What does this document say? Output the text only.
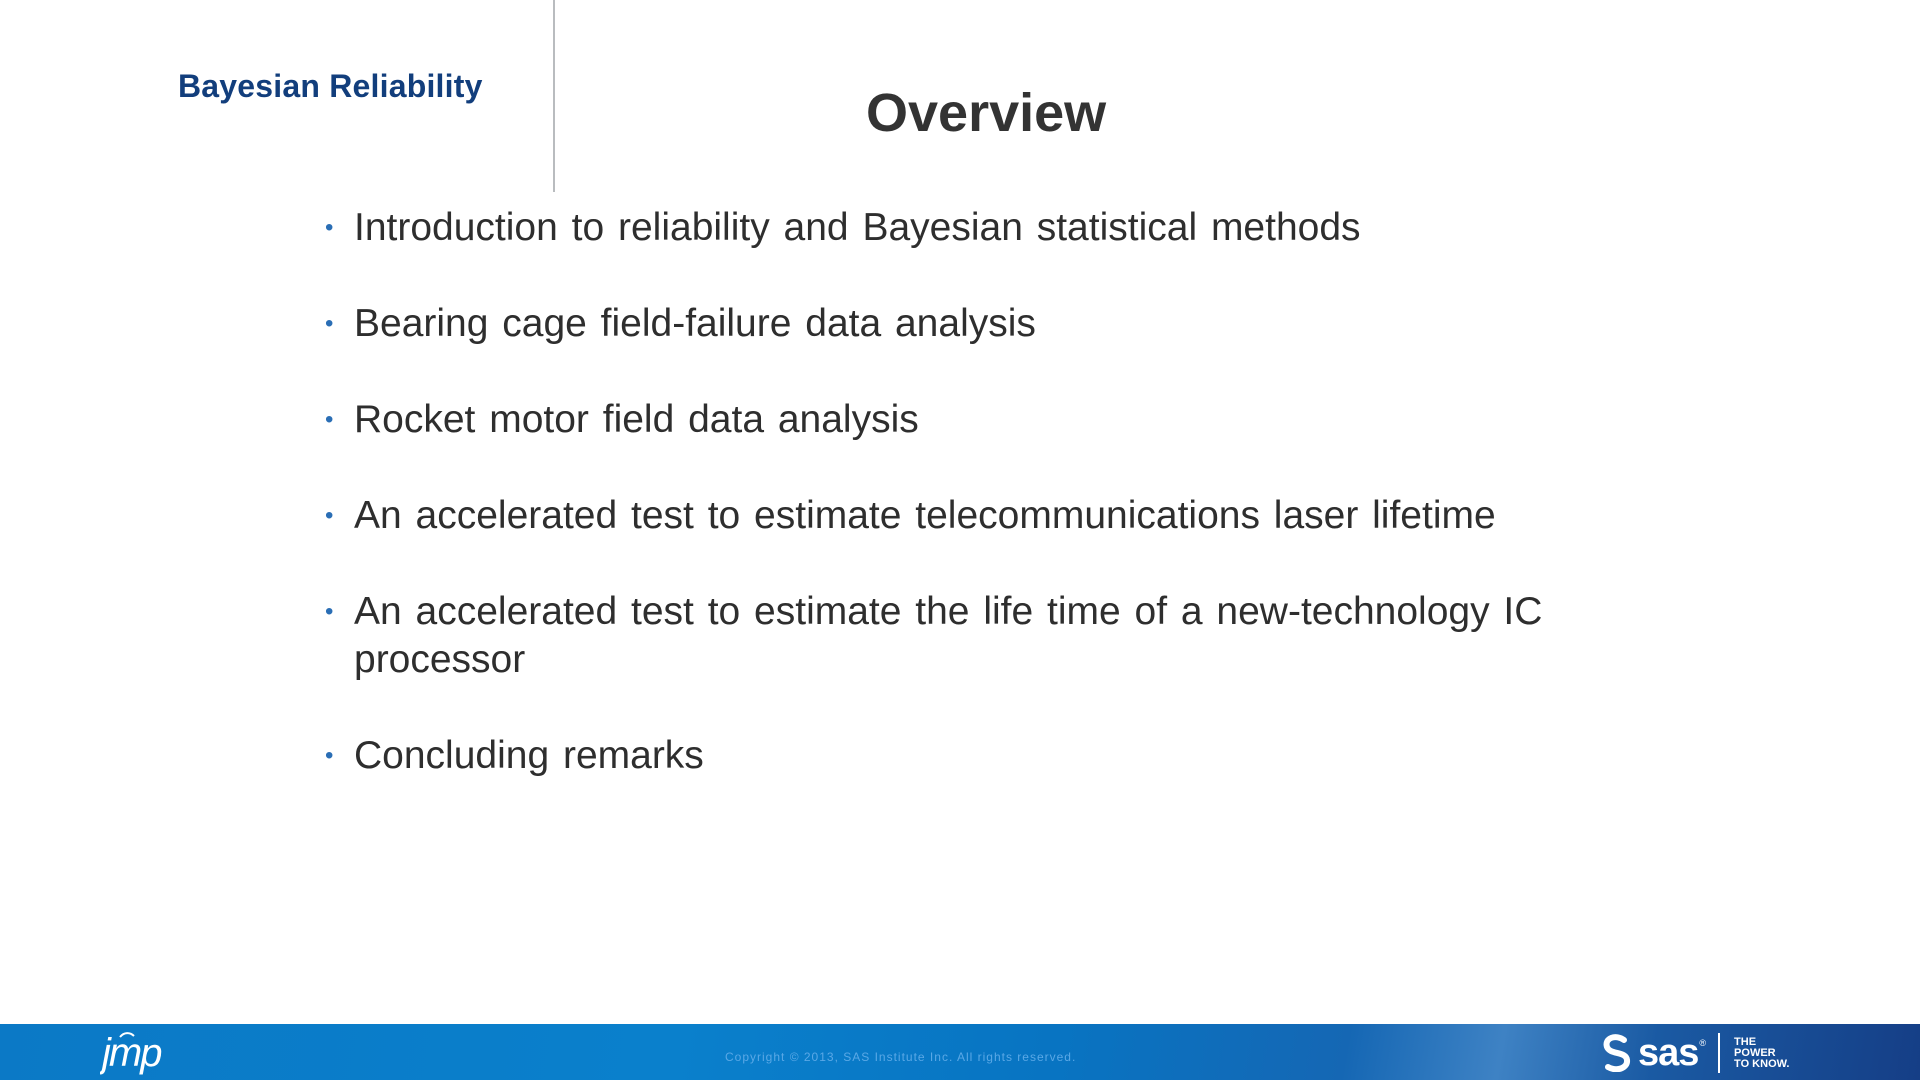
Bayesian Reliability	Overview
• Introduction to reliability and Bayesian statistical methods
• Bearing cage field-failure data analysis
• Rocket motor field data analysis
• An accelerated test to estimate telecommunications laser lifetime
• An accelerated test to estimate the life time of a new-technology IC processor
• Concluding remarks
jmp	Copyright © 2013, SAS Institute Inc. All rights reserved.	sas ®	THE
POWER
TO KNOW.
